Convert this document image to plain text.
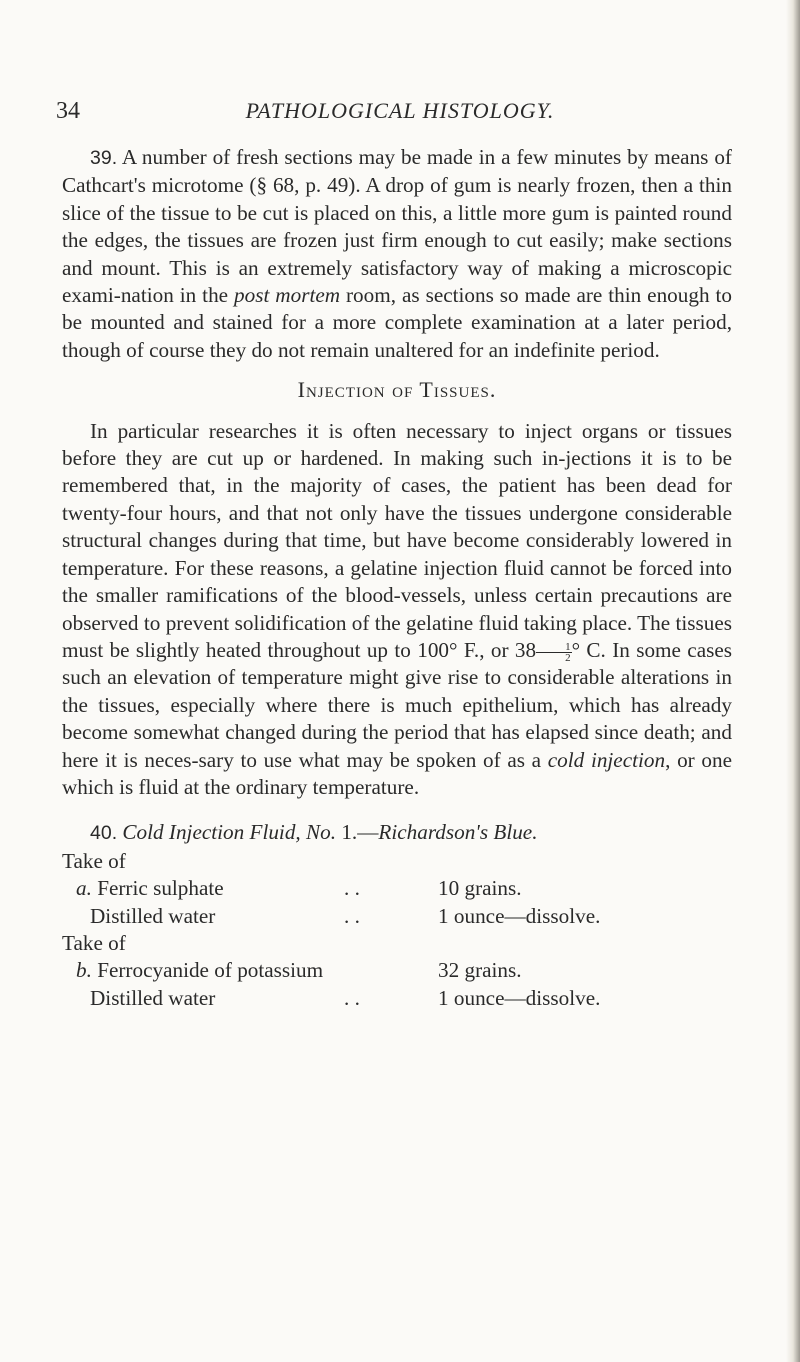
34	PATHOLOGICAL HISTOLOGY.

39. A number of fresh sections may be made in a few minutes by means of Cathcart's microtome (§ 68, p. 49). A drop of gum is nearly frozen, then a thin slice of the tissue to be cut is placed on this, a little more gum is painted round the edges, the tissues are frozen just firm enough to cut easily; make sections and mount. This is an extremely satisfactory way of making a microscopic exami-nation in the post mortem room, as sections so made are thin enough to be mounted and stained for a more complete examination at a later period, though of course they do not remain unaltered for an indefinite period.

Injection of Tissues.

In particular researches it is often necessary to inject organs or tissues before they are cut up or hardened. In making such in-jections it is to be remembered that, in the majority of cases, the patient has been dead for twenty-four hours, and that not only have the tissues undergone considerable structural changes during that time, but have become considerably lowered in temperature. For these reasons, a gelatine injection fluid cannot be forced into the smaller ramifications of the blood-vessels, unless certain precautions are observed to prevent solidification of the gelatine fluid taking place. The tissues must be slightly heated throughout up to 100° F., or $38 \frac{1}{2}$ ° C. In some cases such an elevation of temperature might give rise to considerable alterations in the tissues, especially where there is much epithelium, which has already become somewhat changed during the period that has elapsed since death; and here it is neces-sary to use what may be spoken of as a cold injection, or one which is fluid at the ordinary temperature.

40. Cold Injection Fluid, No. 1.—Richardson's Blue.

Take of
a. Ferric sulphate	. .	10 grains.
Distilled water	. .	1 ounce—dissolve.
Take of
b. Ferrocyanide of potassium	32 grains.
Distilled water	. .	1 ounce—dissolve.
